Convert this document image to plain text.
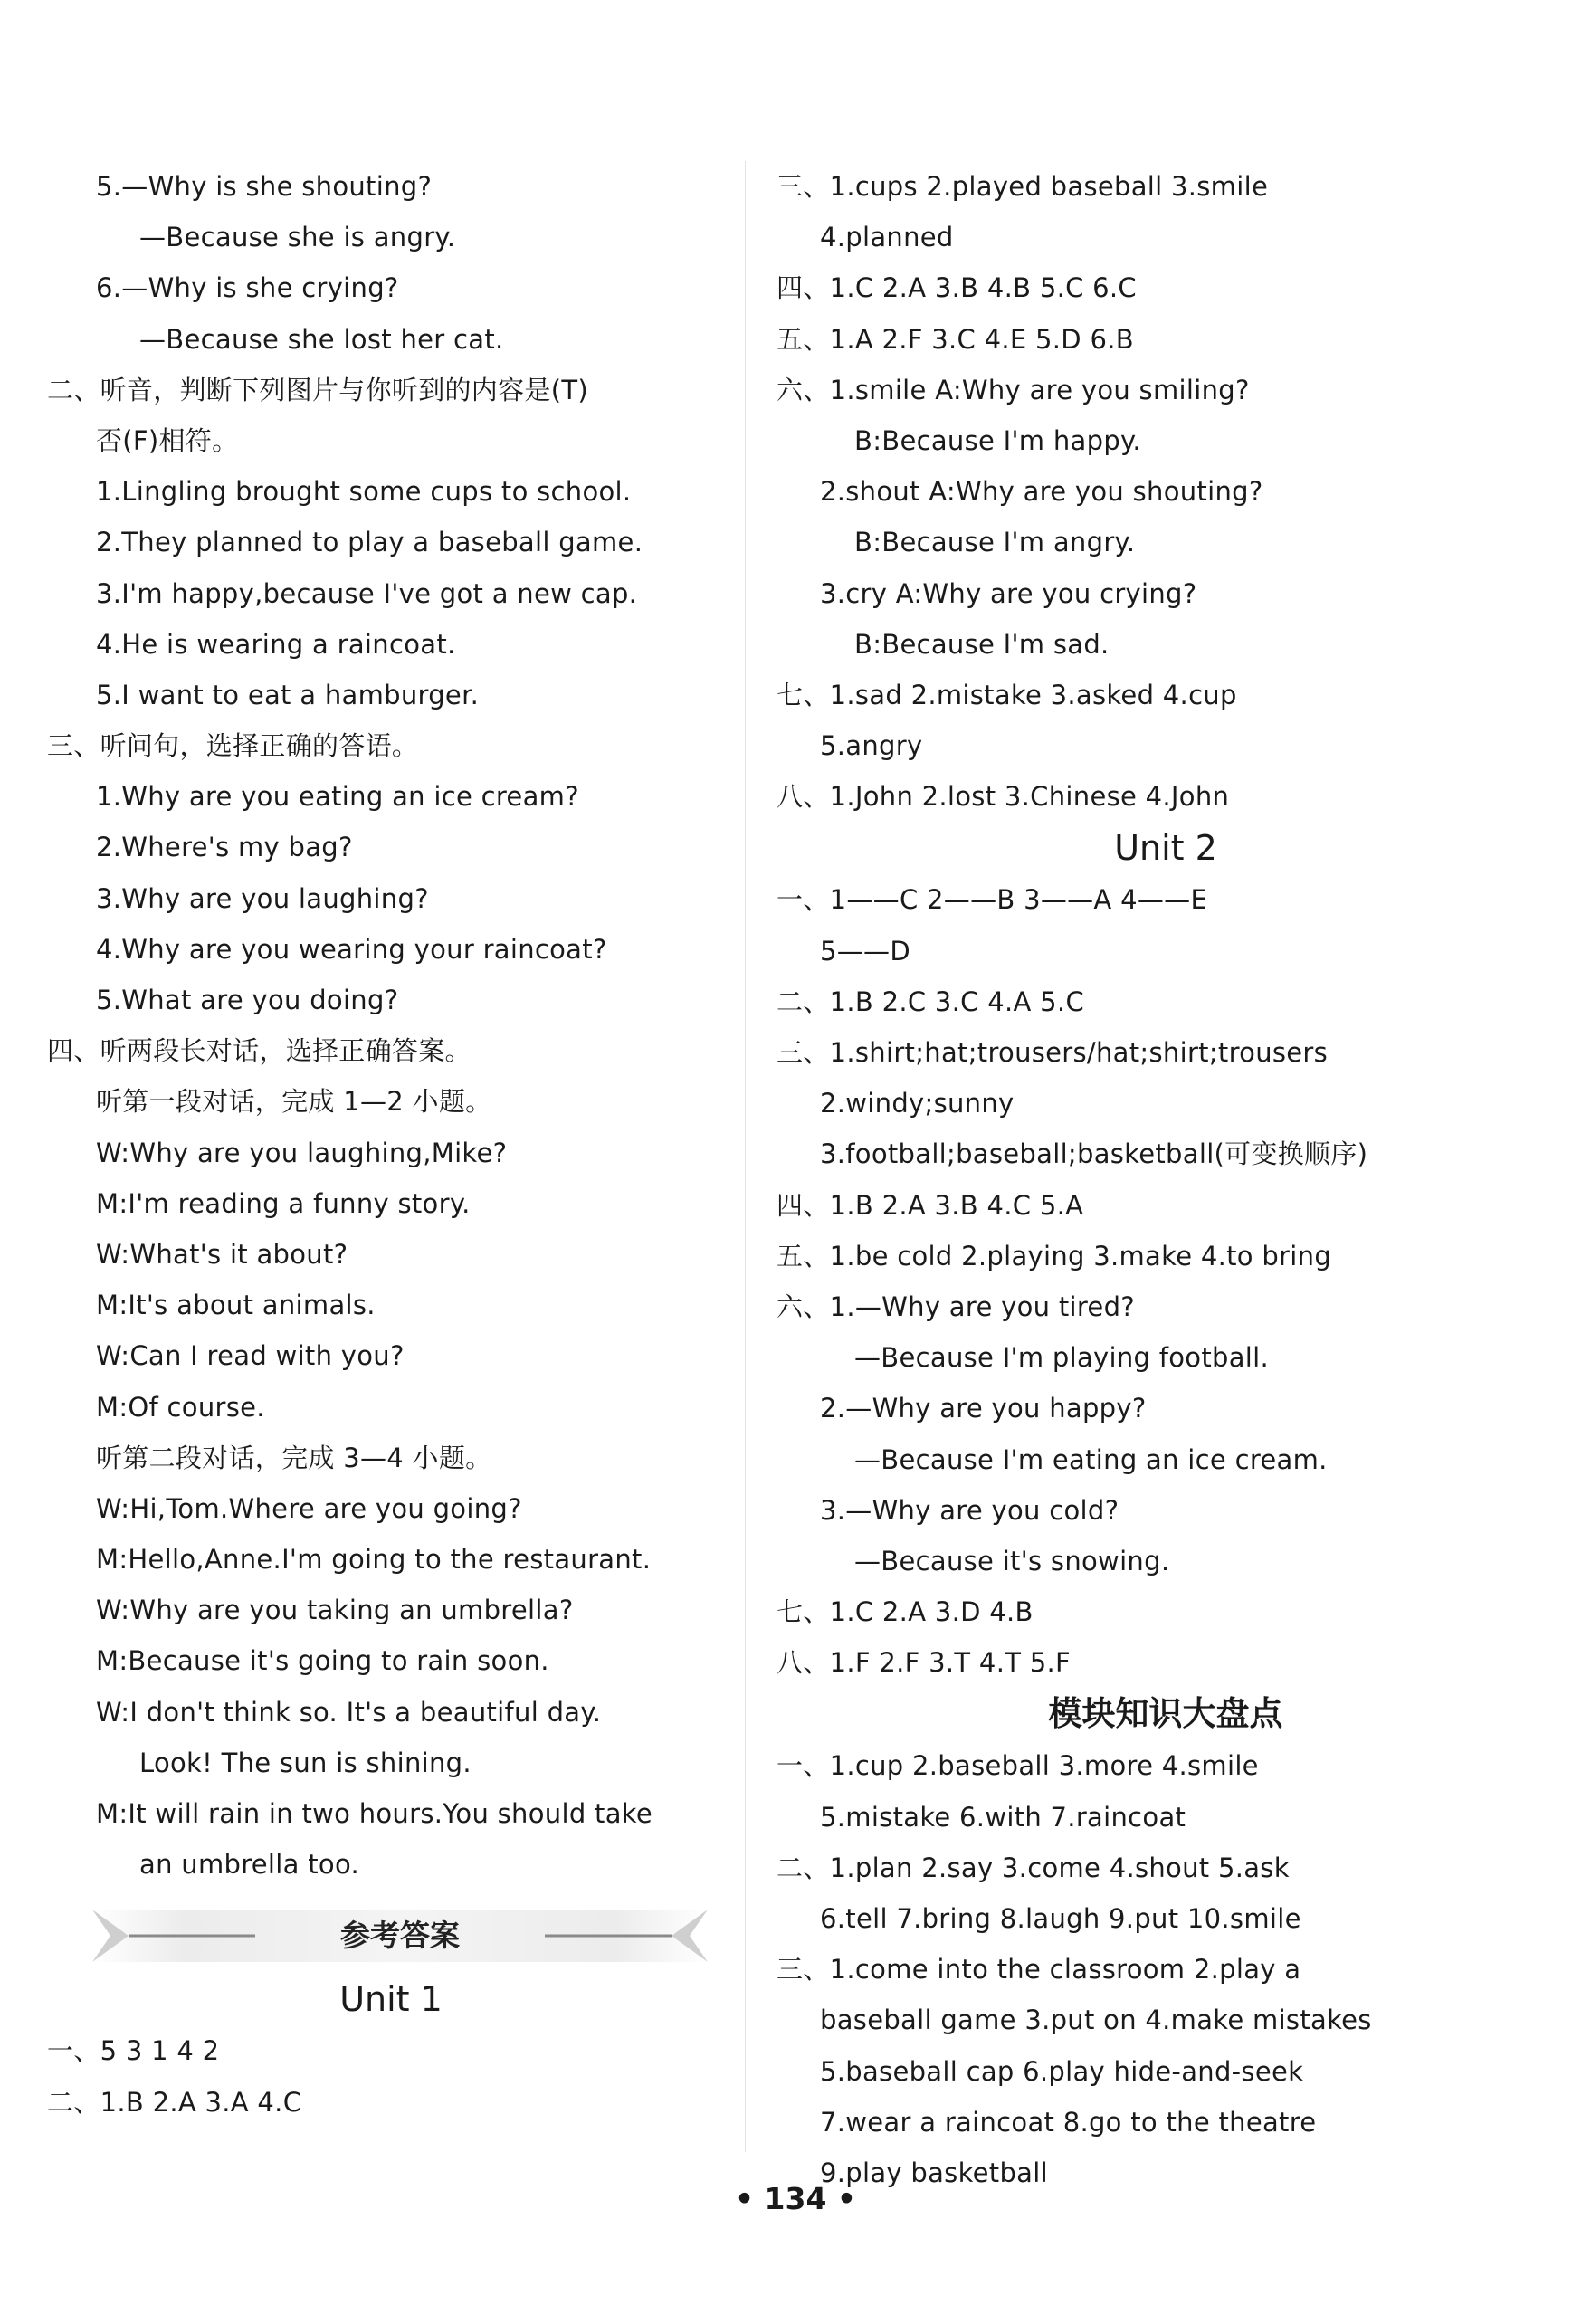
5.—Why is she shouting?
—Because she is angry.
6.—Why is she crying?
—Because she lost her cat.
二、听音，判断下列图片与你听到的内容是(T)
否(F)相符。
1.Lingling brought some cups to school.
2.They planned to play a baseball game.
3.I'm happy,because I've got a new cap.
4.He is wearing a raincoat.
5.I want to eat a hamburger.
三、听问句，选择正确的答语。
1.Why are you eating an ice cream?
2.Where's my bag?
3.Why are you laughing?
4.Why are you wearing your raincoat?
5.What are you doing?
四、听两段长对话，选择正确答案。
听第一段对话，完成 1—2 小题。
W:Why are you laughing,Mike?
M:I'm reading a funny story.
W:What's it about?
M:It's about animals.
W:Can I read with you?
M:Of course.
听第二段对话，完成 3—4 小题。
W:Hi,Tom.Where are you going?
M:Hello,Anne.I'm going to the restaurant.
W:Why are you taking an umbrella?
M:Because it's going to rain soon.
W:I don't think so. It's a beautiful day.
Look! The sun is shining.
M:It will rain in two hours.You should take
an umbrella too.
参考答案
Unit 1
一、5 3 1 4 2
二、1.B 2.A 3.A 4.C
三、1.cups 2.played baseball 3.smile
4.planned
四、1.C 2.A 3.B 4.B 5.C 6.C
五、1.A 2.F 3.C 4.E 5.D 6.B
六、1.smile A:Why are you smiling?
B:Because I'm happy.
2.shout A:Why are you shouting?
B:Because I'm angry.
3.cry A:Why are you crying?
B:Because I'm sad.
七、1.sad 2.mistake 3.asked 4.cup
5.angry
八、1.John 2.lost 3.Chinese 4.John
Unit 2
一、1——C 2——B 3——A 4——E
5——D
二、1.B 2.C 3.C 4.A 5.C
三、1.shirt;hat;trousers/hat;shirt;trousers
2.windy;sunny
3.football;baseball;basketball(可变换顺序)
四、1.B 2.A 3.B 4.C 5.A
五、1.be cold 2.playing 3.make 4.to bring
六、1.—Why are you tired?
—Because I'm playing football.
2.—Why are you happy?
—Because I'm eating an ice cream.
3.—Why are you cold?
—Because it's snowing.
七、1.C 2.A 3.D 4.B
八、1.F 2.F 3.T 4.T 5.F
模块知识大盘点
一、1.cup 2.baseball 3.more 4.smile
5.mistake 6.with 7.raincoat
二、1.plan 2.say 3.come 4.shout 5.ask
6.tell 7.bring 8.laugh 9.put 10.smile
三、1.come into the classroom 2.play a
baseball game 3.put on 4.make mistakes
5.baseball cap 6.play hide-and-seek
7.wear a raincoat 8.go to the theatre
9.play basketball
• 134 •
